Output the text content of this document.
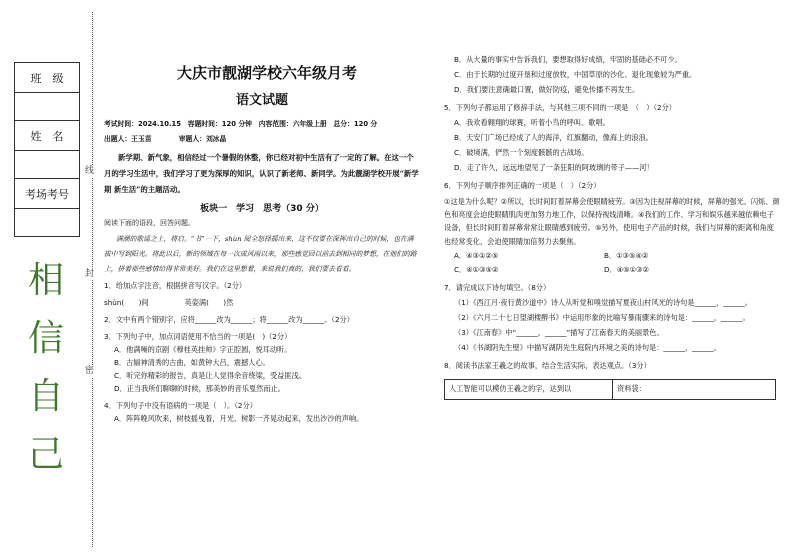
班　级

姓　名

考场考号

相
信
自
己
线
封
密
大庆市靓湖学校六年级月考
语文试题
考试时间：2024.10.15　容题时间：120 分钟　内容范围：六年级上册　总分：120 分
出题人：王玉苗　　　　审题人：刘冰晶
新学期、新气象，相信经过一个暑假的休整，你已经对初中生活有了一定的了解。在这一个月的学习生活中，我们学习了更为深厚的知识，认识了新老师、新同学。为此靓湖学校开展“新学期 新生活”的主题活动。
板块一　学习　思考（30 分）
阅读下面的语段，回答问题。
满潮的歌谣之上，将启。“书”一下，shùn 阅全怒择摇出来，这不仅要在深挥出自己的时候，也在满拔中写到阳光。将此以后，新的领域在每一次成风雨以来，那些感觉回以前去到相同的梦想，在他们的路上，拼着那些感情给得非常美好。我们在这里想着，来说我们真的，我们要去看看。
1．给加点字注音，根据拼音写汉字。（2分）
shùn(　　)间　　　　　英姿满(　　)然
2．文中有两个错别字，应将______改为______；将______改为______。（2分）
3．下列句子中，加点词语使用不恰当的一项是(　)（2分）
A．他满噪的京剧《穆桂英挂帅》字正腔圆，悦耳动听。
B．古辐神清秀的古曲，如黄钟大吕，震撼人心。
C．听完你精彩的报告，真是让人觉得余音绕梁，受益匪浅。
D．正当我所们聊聊的时候，那美妙的音乐戛然而止。
4．下列句子中没有语病的一项是（　）。（2分）
A．阵阵晚风吹来，树枝摇曳着，月光、树影一齐晃动起来，发出沙沙的声响。
B．从大量的事实中告诉我们，要想取得好成绩，牢固的基础必不可少。
C．由于长期的过度开垦和过度放牧，中国草原的沙化、退化现象较为严重。
D．我们要注意确最口置，做好防疫，避免传播不再发生。
5．下列句子都运用了修辞手法，与其他三项不同的一项是　（　）（2分）
A．我欢看翱翔的球赛，听着小鸟的呼叫、歌唱。
B．天安门广场已经成了人的海洋，红旗翻动，像海上的浪浪。
C．破境满，俨然一个刻度骸骸的古战场。
D．走了许久，远远地望见了一条狂阳的阿玻璃的带子——河！
6．下列句子顺序排列正确的一项是（　）（2分）
①这是为什么呢？②所以，长时间盯着屏幕会使眼睛疲劳。③因为注视屏幕的时候，屏幕的强光、闪烁、颜色和亮度会迫使眼睛肌肉更加努力地工作，以保持视线清晰。④我们的工作、学习和娱乐越来越依赖电子设备，但长时间盯着屏幕常常让眼睛感到疲劳。⑤另外，使用电子产品的时候，我们与屏幕的距离和角度也经常变化，会迫使眼睛加倍努力去聚焦。
A．④③①②⑤	B．①③⑤④②
C．④①③⑤②	D．④⑤①③②
7．请完成以下诗句填空。（8分）
（1）《西江月·夜行黄沙道中》诗人从听觉和嗅觉描写夏夜山村风光的诗句是______，______。
（2）《六月二十七日望湖楼醉书》中运用形象的比喻写暴雨骤来的诗句是：______，______。
（3）《江南春》中“______，______”描写了江南春天的美丽景色。
（4）《书湖阴先生壁》中描写湖阴先生庭院内环境之美的诗句是：______，______。
8．阅读书法家王羲之的故事，结合生活实际，表达观点。（3分）
人工智能可以模仿王羲之的字，达到以	资料袋：
